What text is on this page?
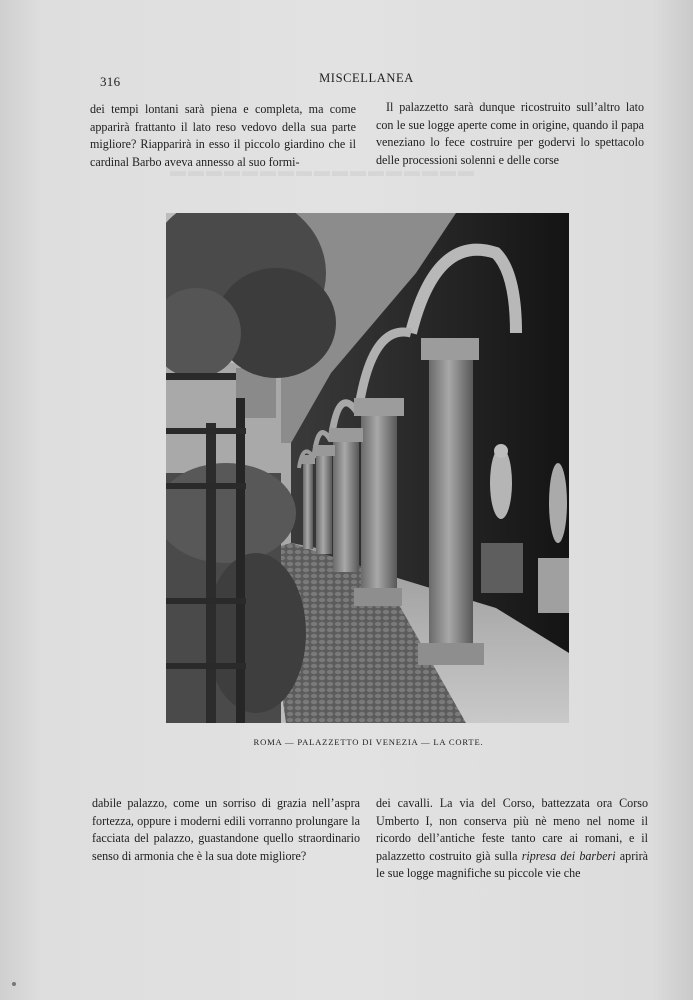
316	MISCELLANEA
▬▬▬▬▬▬▬▬▬▬▬▬▬▬▬▬▬

dei tempi lontani sarà piena e completa, ma come apparirà frattanto il lato reso vedovo della sua parte migliore? Riapparirà in esso il piccolo giardino che il cardinal Barbo aveva annesso al suo formi-

Il palazzetto sarà dunque ricostruito sull’altro lato con le sue logge aperte come in origine, quando il papa veneziano lo fece costruire per godervi lo spettacolo delle processioni solenni e delle corse

ROMA — PALAZZETTO DI VENEZIA — LA CORTE.

dabile palazzo, come un sorriso di grazia nell’aspra fortezza, oppure i moderni edili vorranno prolungare la facciata del palazzo, guastandone quello straordinario senso di armonia che è la sua dote migliore?

dei cavalli. La via del Corso, battezzata ora Corso Umberto I, non conserva più nè meno nel nome il ricordo dell’antiche feste tanto care ai romani, e il palazzetto costruito già sulla ripresa dei barberi aprirà le sue logge magnifiche su piccole vie che
